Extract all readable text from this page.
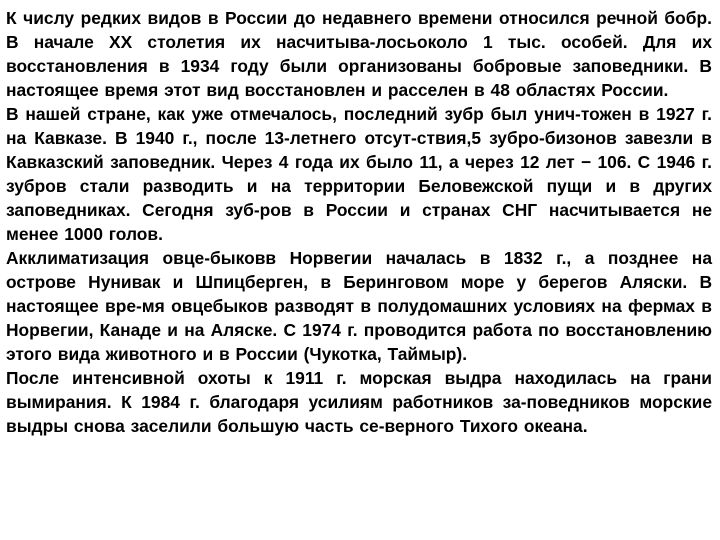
К числу редких видов в России до недавнего времени относился речной бобр. В начале XX столетия их насчитыва-лосьоколо 1 тыс. особей. Для их восстановления в 1934 году были организованы бобровые заповедники. В настоящее время этот вид восстановлен и расселен в 48 областях России.

В нашей стране, как уже отмечалось, последний зубр был унич-тожен в 1927 г. на Кавказе. В 1940 г., после 13-летнего отсут-ствия,5 зубро-бизонов завезли в Кавказский заповедник. Через 4 года их было 11, а через 12 лет − 106. С 1946 г. зубров стали разводить и на территории Беловежской пущи и в других заповедниках. Сегодня зуб-ров в России и странах СНГ насчитывается не менее 1000 голов.

Акклиматизация овце-быковв Норвегии началась в 1832 г., а позднее на острове Нунивак и Шпицберген, в Беринговом море у берегов Аляски. В настоящее вре-мя овцебыков разводят в полудомашних условиях на фермах в Норвегии, Канаде и на Аляске. С 1974 г. проводится работа по восстановлению этого вида животного и в России (Чукотка, Таймыр).

После интенсивной охоты к 1911 г. морская выдра находилась на грани вымирания. К 1984 г. благодаря усилиям работников за-поведников морские выдры снова заселили большую часть се-верного Тихого океана.
